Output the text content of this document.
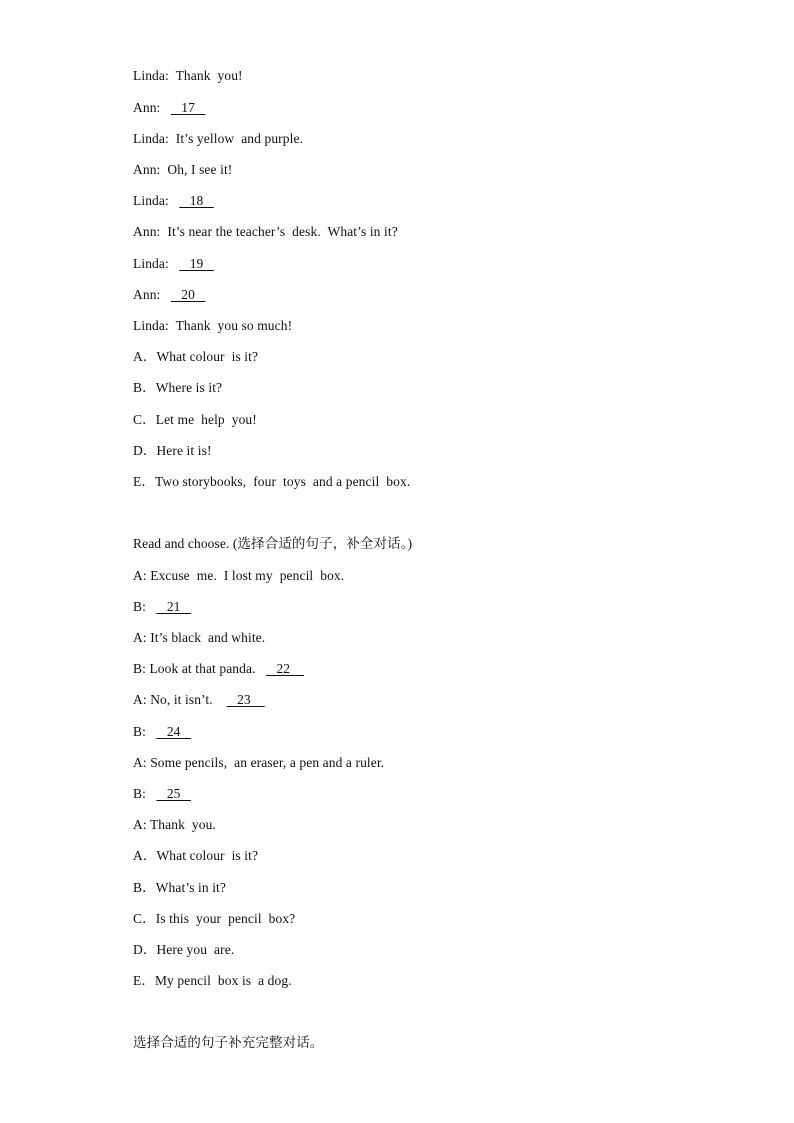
Linda: Thank  you!
Ann:      17
Linda: It’s yellow  and purple.
Ann: Oh, I see it!
Linda:      18
Ann: It’s near the teacher’s  desk.  What’s in it?
Linda:      19
Ann:      20
Linda: Thank  you so much!
A．What colour  is it?
B．Where is it?
C．Let me  help  you!
D．Here it is!
E．Two storybooks,  four  toys  and a pencil  box.
Read and choose. (选择合适的句子，补全对话。)
A: Excuse  me.  I lost my  pencil  box.
B:      21
A: It’s black  and white.
B: Look at that panda.      22
A: No, it isn’t.       23
B:      24
A: Some pencils,  an eraser, a pen and a ruler.
B:      25
A: Thank  you.
A．What colour  is it?
B．What’s in it?
C．Is this  your  pencil  box?
D．Here you  are.
E．My pencil  box is  a dog.
选择合适的句子补充完整对话。
